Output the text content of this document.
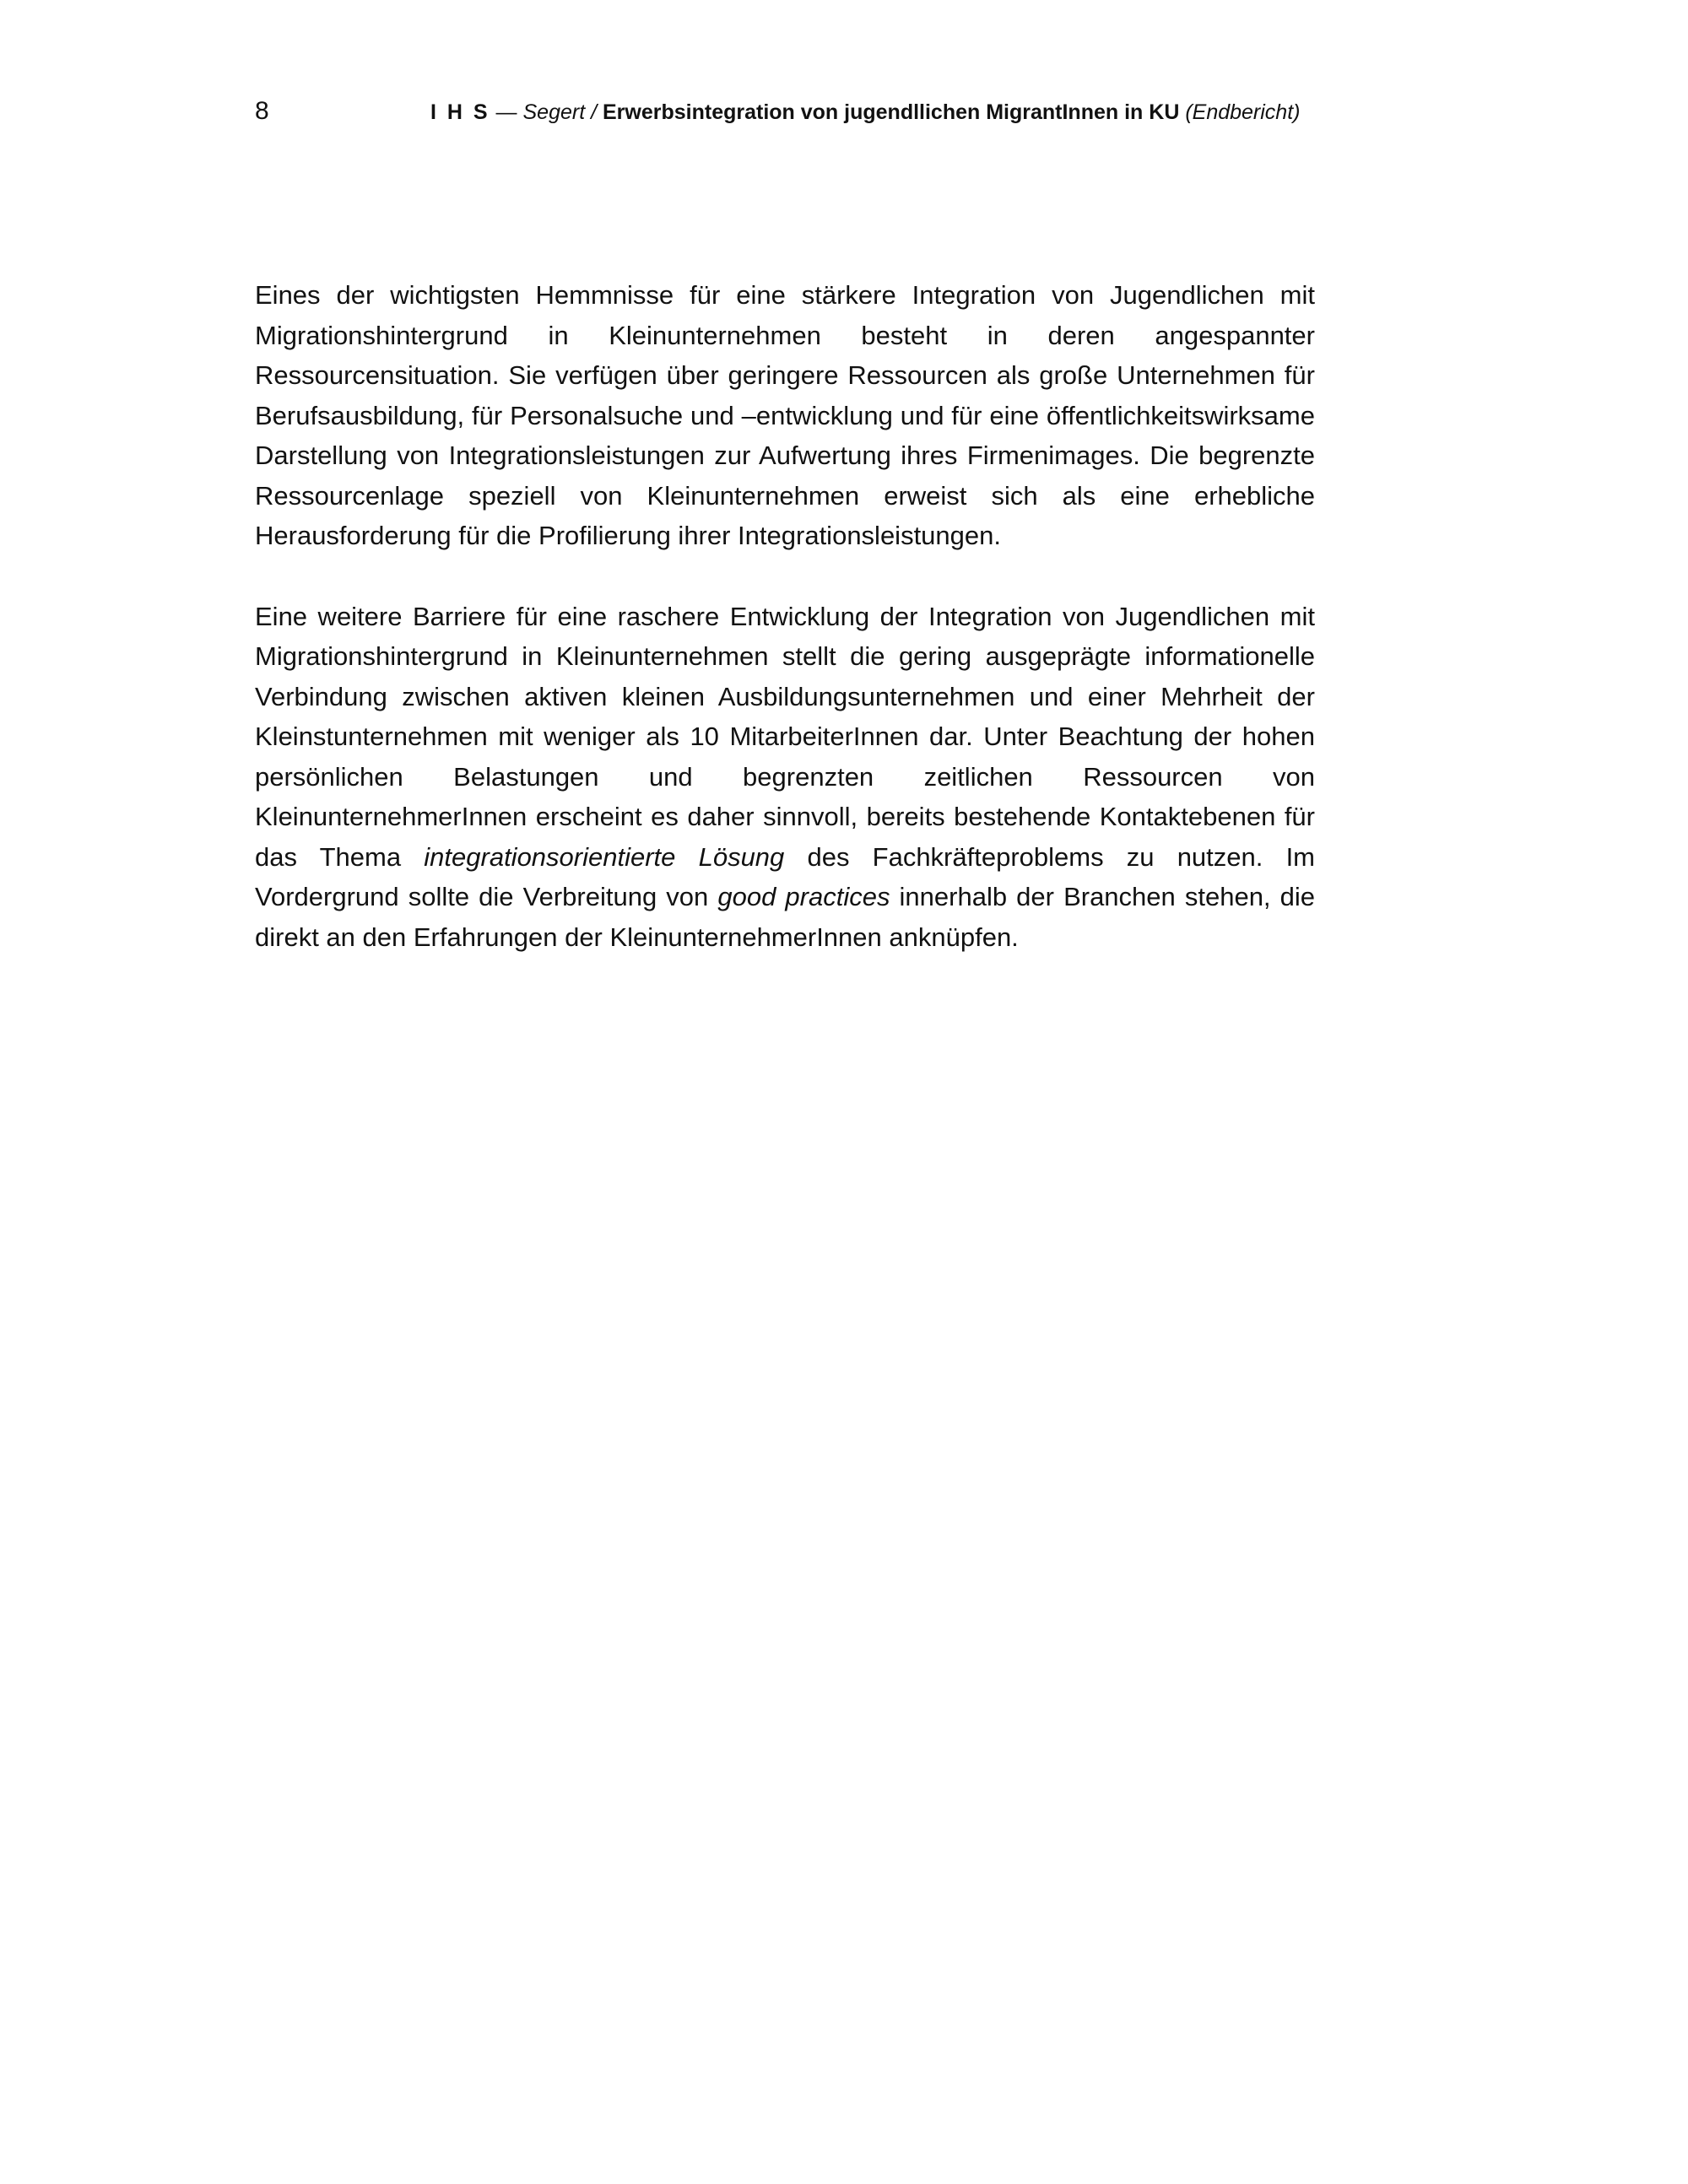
8	I H S — Segert / Erwerbsintegration von jugendllichen MigrantInnen in KU (Endbericht)

Eines der wichtigsten Hemmnisse für eine stärkere Integration von Jugendlichen mit Migrationshintergrund in Kleinunternehmen besteht in deren angespannter Ressourcensituation. Sie verfügen über geringere Ressourcen als große Unternehmen für Berufsausbildung, für Personalsuche und –entwicklung und für eine öffentlichkeitswirksame Darstellung von Integrationsleistungen zur Aufwertung ihres Firmenimages. Die begrenzte Ressourcenlage speziell von Kleinunternehmen erweist sich als eine erhebliche Herausforderung für die Profilierung ihrer Integrationsleistungen.

Eine weitere Barriere für eine raschere Entwicklung der Integration von Jugendlichen mit Migrationshintergrund in Kleinunternehmen stellt die gering ausgeprägte informationelle Verbindung zwischen aktiven kleinen Ausbildungsunternehmen und einer Mehrheit der Kleinstunternehmen mit weniger als 10 MitarbeiterInnen dar. Unter Beachtung der hohen persönlichen Belastungen und begrenzten zeitlichen Ressourcen von KleinunternehmerInnen erscheint es daher sinnvoll, bereits bestehende Kontaktebenen für das Thema integrationsorientierte Lösung des Fachkräfteproblems zu nutzen. Im Vordergrund sollte die Verbreitung von good practices innerhalb der Branchen stehen, die direkt an den Erfahrungen der KleinunternehmerInnen anknüpfen.
